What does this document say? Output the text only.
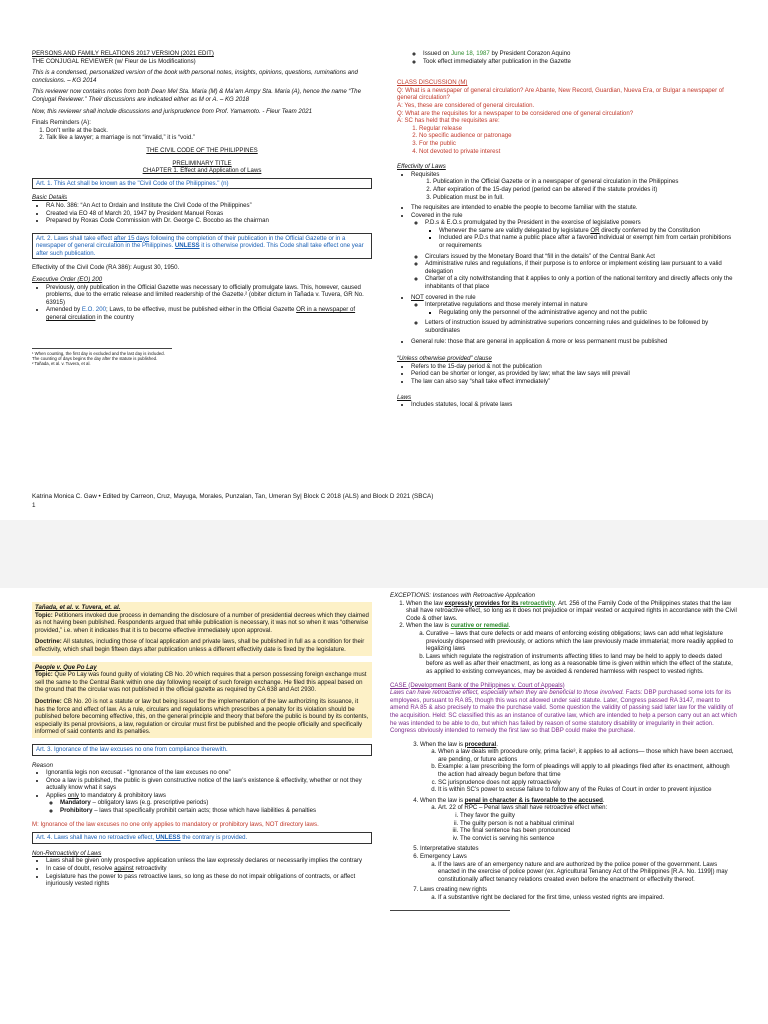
PERSONS AND FAMILY RELATIONS 2017 VERSION (2021 EDIT)

THE CONJUGAL REVIEWER (w/ Fleur de Lis Modifications)

This is a condensed, personalized version of the book with personal notes, insights, opinions, questions, ruminations and conclusions. – KG 2014

This reviewer now contains notes from both Dean Mel Sta. Maria (M) & Ma’am Ampy Sta. Maria (A), hence the name “The Conjugal Reviewer.” Their discussions are indicated either as M or A. – KG 2018

Now, this reviewer shall include discussions and jurisprudence from Prof. Yamamoto. - Fleur Team 2021

Finals Reminders (A):

1. Don’t write at the back.
2. Talk like a lawyer; a marriage is not “invalid,” it is “void.”

THE CIVIL CODE OF THE PHILIPPINES

PRELIMINARY TITLE

CHAPTER 1. Effect and Application of Laws

Art. 1. This Act shall be known as the "Civil Code of the Philippines." (n)

Basic Details

• RA No. 386: “An Act to Ordain and Institute the Civil Code of the Philippines”
• Created via EO 48 of March 20, 1947 by President Manuel Roxas
• Prepared by Roxas Code Commission with Dr. George C. Bocobo as the chairman
Art. 2. Laws shall take effect after 15 days following the completion of their publication in the Official Gazette or in a newspaper of general circulation in the Philippines. UNLESS it is otherwise provided. This Code shall take effect one year after such publication.

Effectivity of the Civil Code (RA 386): August 30, 1950.

Executive Order (EO) 200

• Previously, only publication in the Official Gazette was necessary to officially promulgate laws. This, however, caused problems, due to the erratic release and limited readership of the Gazette.² (obiter dictum in Tañada v. Tuvera, GR No. 63915)
• Amended by E.O. 200; Laws, to be effective, must be published either in the Official Gazette OR in a newspaper of general circulation in the country
¹ When counting, the first day is excluded and the last day is included. The counting of days begins the day after the statute is published.
² Tañada, et al. v. Tuvera, et al.
◦ Issued on June 18, 1987 by President Corazon Aquino
◦ Took effect immediately after publication in the Gazette
CLASS DISCUSSION (M)
Q: What is a newspaper of general circulation? Are Abante, New Record, Guardian, Nueva Era, or Bulgar a newspaper of general circulation?
A: Yes, these are considered of general circulation.
Q: What are the requisites for a newspaper to be considered one of general circulation?
A: SC has held that the requisites are:
1. Regular release
2. No specific audience or patronage
3. For the public
4. Not devoted to private interest

Effectivity of Laws

• Requisites
1. Publication in the Official Gazette or in a newspaper of general circulation in the Philippines
2. After expiration of the 15-day period (period can be altered if the statute provides it)
3. Publication must be in full.
• The requisites are intended to enable the people to become familiar with the statute.
• Covered in the rule
◦ P.D.s & E.O.s promulgated by the President in the exercise of legislative powers
▪ Whenever the same are validly delegated by legislature OR directly conferred by the Constitution
▪ Included are P.D.s that name a public place after a favored individual or exempt him from certain prohibitions or requirements
◦ Circulars issued by the Monetary Board that “fill in the details” of the Central Bank Act
◦ Administrative rules and regulations, if their purpose is to enforce or implement existing law pursuant to a valid delegation
◦ Charter of a city notwithstanding that it applies to only a portion of the national territory and directly affects only the inhabitants of that place
• NOT covered in the rule
◦ Interpretative regulations and those merely internal in nature
▪ Regulating only the personnel of the administrative agency and not the public
◦ Letters of instruction issued by administrative superiors concerning rules and guidelines to be followed by subordinates
• General rule: those that are general in application & more or less permanent must be published

“Unless otherwise provided” clause

• Refers to the 15-day period & not the publication
• Period can be shorter or longer, as provided by law; what the law says will prevail
• The law can also say “shall take effect immediately”

Laws

• Includes statutes, local & private laws
Katrina Monica C. Gaw • Edited by Carreon, Cruz, Mayuga, Morales, Punzalan, Tan, Umeran Sy| Block C 2018 (ALS) and Block D 2021 (SBCA)
1
Tañada, et al. v. Tuvera, et. al.

Topic: Petitioners invoked due process in demanding the disclosure of a number of presidential decrees which they claimed as not having been published. Respondents argued that while publication is necessary, it was not so when it was “otherwise provided,” i.e. when it indicates that it is to become effective immediately upon approval.

Doctrine: All statutes, including those of local application and private laws, shall be published in full as a condition for their effectivity, which shall begin fifteen days after publication unless a different effectivity date is fixed by the legislature.

People v. Que Po Lay

Topic: Que Po Lay was found guilty of violating CB No. 20 which requires that a person possessing foreign exchange must sell the same to the Central Bank within one day following receipt of such foreign exchange. He filed this appeal based on the ground that the circular was not published in the official gazette as required by CA 638 and Act 2930.

Doctrine: CB No. 20 is not a statute or law but being issued for the implementation of the law authorizing its issuance, it has the force and effect of law. As a rule, circulars and regulations which prescribes a penalty for its violation should be published before becoming effective, this, on the general principle and theory that before the public is bound by its contents, especially its penal provisions, a law, regulation or circular must first be published and the people officially and specifically informed of said contents and its penalties.

Art. 3. Ignorance of the law excuses no one from compliance therewith.

Reason

• Ignorantia legis non excusat - “Ignorance of the law excuses no one”
• Once a law is published, the public is given constructive notice of the law’s existence & effectivity, whether or not they actually know what it says
• Applies only to mandatory & prohibitory laws
◦ Mandatory – obligatory laws (e.g. prescriptive periods)
◦ Prohibitory – laws that specifically prohibit certain acts; those which have liabilities & penalties

M: Ignorance of the law excuses no one only applies to mandatory or prohibitory laws, NOT directory laws.

Art. 4. Laws shall have no retroactive effect, UNLESS the contrary is provided.

Non-Retroactivity of Laws

• Laws shall be given only prospective application unless the law expressly declares or necessarily implies the contrary
• In case of doubt, resolve against retroactivity
• Legislature has the power to pass retroactive laws, so long as these do not impair obligations of contracts, or affect injuriously vested rights

EXCEPTIONS: Instances with Retroactive Application

1. When the law expressly provides for its retroactivity. Art. 256 of the Family Code of the Philippines states that the law shall have retroactive effect, so long as it does not prejudice or impair vested or acquired rights in accordance with the Civil Code & other laws.
2. When the law is curative or remedial.
a. Curative – laws that cure defects or add means of enforcing existing obligations; laws can add what legislature previously dispensed with previously, or actions which the law previously made immaterial; more readily applied to legalizing laws
b. Laws which regulate the registration of instruments affecting titles to land may be held to apply to deeds dated before as well as after their enactment, as long as a reasonable time is given within which the effect of the statute, as applied to existing conveyances, may be avoided & rendered harmless with respect to vested rights.
CASE (Development Bank of the Philippines v. Court of Appeals)
Laws can have retroactive effect, especially when they are beneficial to those involved. Facts: DBP purchased some lots for its employees, pursuant to RA 85, though this was not allowed under said statute. Later, Congress passed RA 3147, meant to amend RA 85 & also precisely to make the purchase valid. Some question the validity of passing said later law for the validity of the acquisition. Held: SC classified this as an instance of curative law, which are intended to help a person carry out an act which he was intended to be able to do, but which has failed by reason of some statutory disability or irregularity in their action. Congress obviously intended to remedy the first law so that DBP could make the purchase.
3. When the law is procedural.
a. When a law deals with procedure only, prima facie³, it applies to all actions— those which have been accrued, are pending, or future actions
b. Example: a law prescribing the form of pleadings will apply to all pleadings filed after its enactment, although the action had already begun before that time
c. SC jurisprudence does not apply retroactively
d. It is within SC’s power to excuse failure to follow any of the Rules of Court in order to prevent injustice
4. When the law is penal in character & is favorable to the accused.
a. Art. 22 of RPC – Penal laws shall have retroactive effect when:
i. They favor the guilty
ii. The guilty person is not a habitual criminal
iii. The final sentence has been pronounced
iv. The convict is serving his sentence
5. Interpretative statutes
6. Emergency Laws
a. If the laws are of an emergency nature and are authorized by the police power of the government. Laws enacted in the exercise of police power (ex. Agricultural Tenancy Act of the Philippines [R.A. No. 1199]) may constitutionally affect tenancy relations created even before the enactment or effectivity thereof.
7. Laws creating new rights
a. If a substantive right be declared for the first time, unless vested rights are impaired.
